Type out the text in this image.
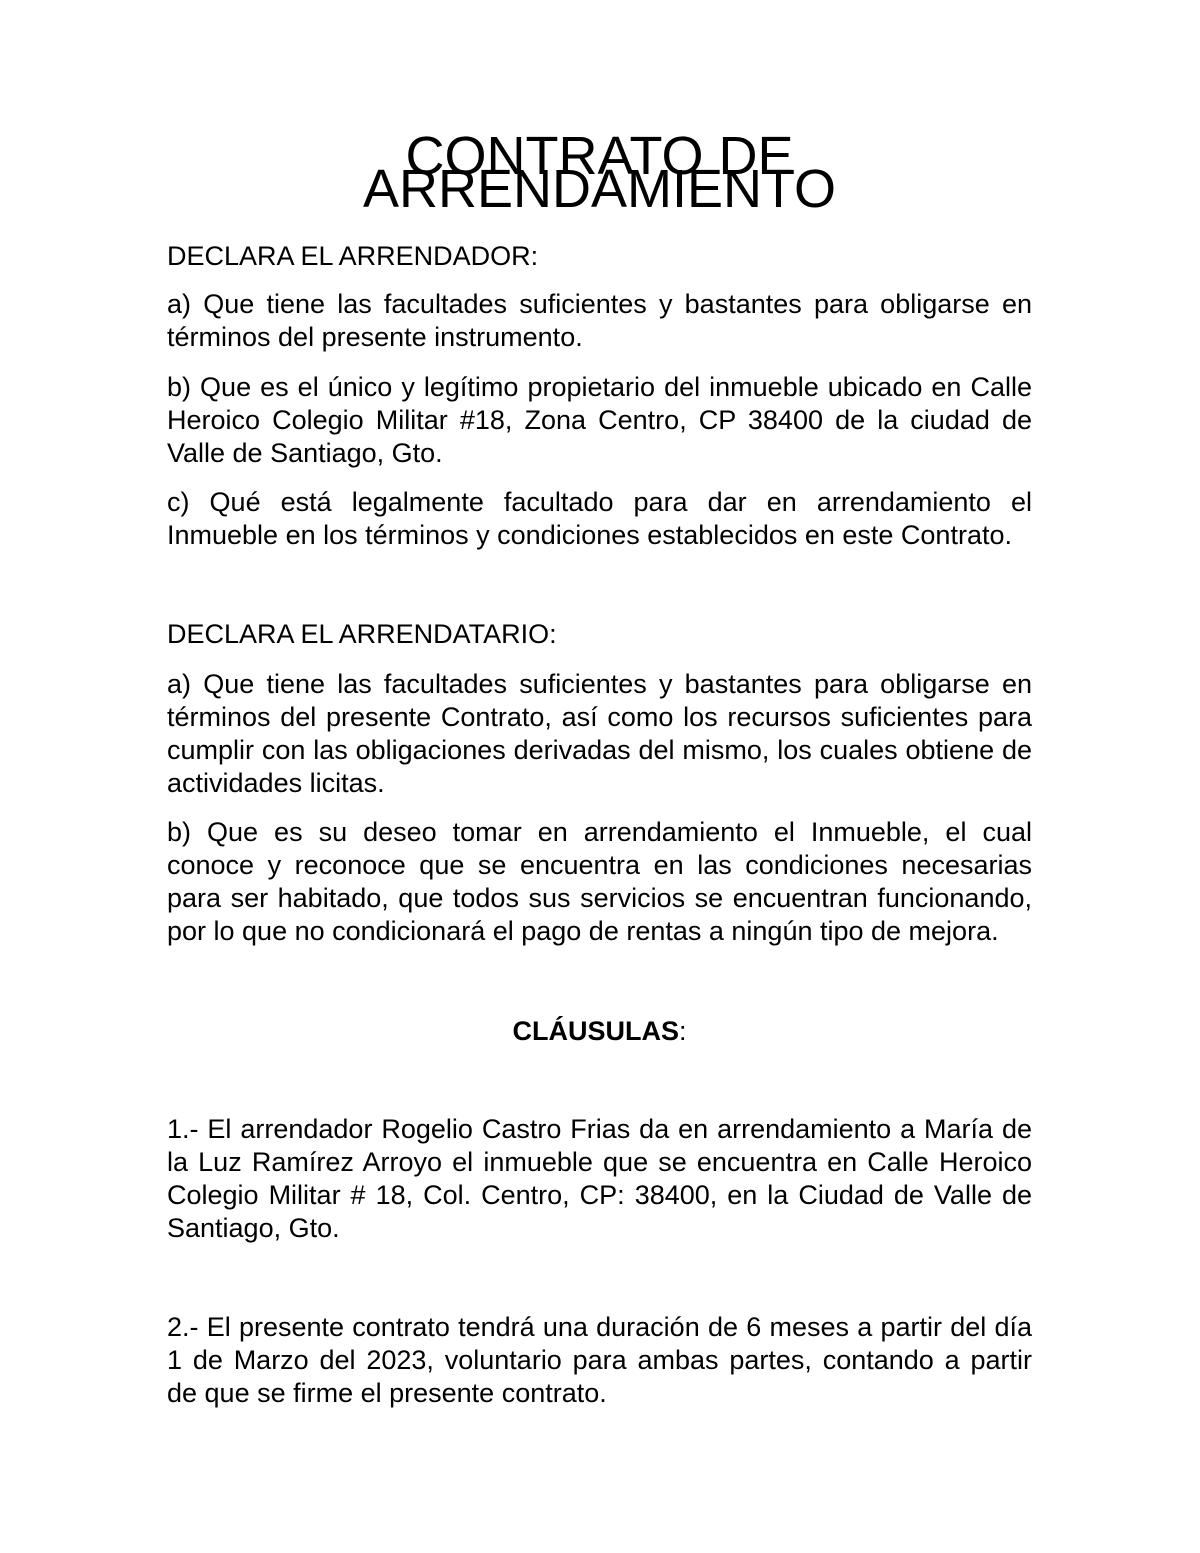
CONTRATO DE ARRENDAMIENTO

DECLARA EL ARRENDADOR:

a) Que tiene las facultades suficientes y bastantes para obligarse en términos del presente instrumento.

b) Que es el único y legítimo propietario del inmueble ubicado en Calle Heroico Colegio Militar #18, Zona Centro, CP 38400 de la ciudad de Valle de Santiago, Gto.

c) Qué está legalmente facultado para dar en arrendamiento el Inmueble en los términos y condiciones establecidos en este Contrato.

DECLARA EL ARRENDATARIO:

a) Que tiene las facultades suficientes y bastantes para obligarse en términos del presente Contrato, así como los recursos suficientes para cumplir con las obligaciones derivadas del mismo, los cuales obtiene de actividades licitas.

b) Que es su deseo tomar en arrendamiento el Inmueble, el cual conoce y reconoce que se encuentra en las condiciones necesarias para ser habitado, que todos sus servicios se encuentran funcionando, por lo que no condicionará el pago de rentas a ningún tipo de mejora.

CLÁUSULAS:

1.- El arrendador Rogelio Castro Frias da en arrendamiento a María de la Luz Ramírez Arroyo el inmueble que se encuentra en Calle Heroico Colegio Militar # 18, Col. Centro, CP: 38400, en la Ciudad de Valle de Santiago, Gto.

2.- El presente contrato tendrá una duración de 6 meses a partir del día 1 de Marzo del 2023, voluntario para ambas partes, contando a partir de que se firme el presente contrato.
